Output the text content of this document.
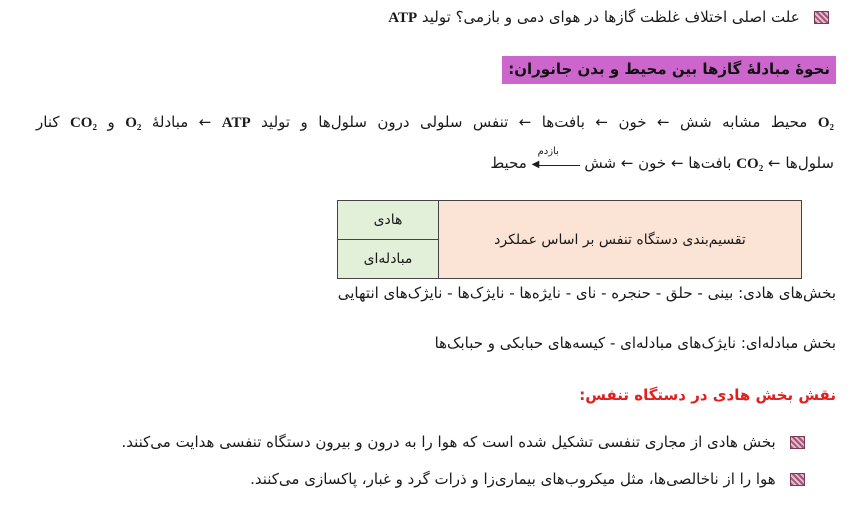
علت اصلی اختلاف غلظت گازها در هوای دمی و بازمی؟ تولید ATP
نحوهٔ مبادلهٔ گازها بین محیط و بدن جانوران:
O₂ محیط مشابه شش ← خون ← بافت‌ها ← تنفس سلولی درون سلول‌ها و تولید ATP ← مبادلهٔ O₂ و CO₂ کنار
سلول‌ها ← CO₂ بافت‌ها ← خون ← شش
بازدم
◀
محیط
هادی	تقسیم‌بندی دستگاه تنفس بر اساس عملکرد
مبادله‌ای
بخش‌های هادی: بینی - حلق - حنجره - نای - نایژه‌ها - نایژک‌ها - نایژک‌های انتهایی
بخش مبادله‌ای: نایژک‌های مبادله‌ای - کیسه‌های حبابکی و حبابک‌ها
نقش بخش هادی در دستگاه تنفس:
بخش هادی از مجاری تنفسی تشکیل شده است که هوا را به درون و بیرون دستگاه تنفسی هدایت می‌کنند.
هوا را از ناخالصی‌ها، مثل میکروب‌های بیماری‌زا و ذرات گرد و غبار، پاکسازی می‌کنند.
